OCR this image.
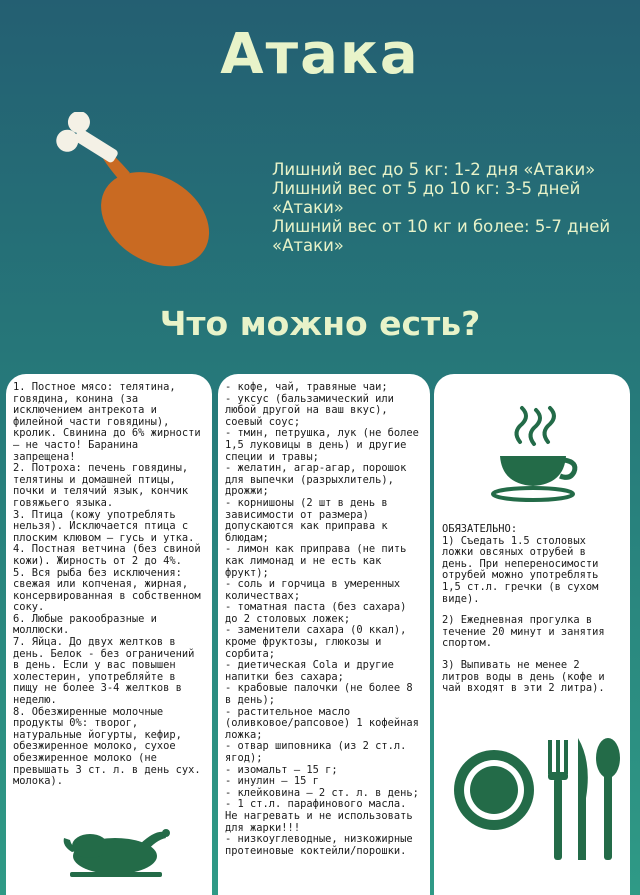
Атака
Лишний вес до 5 кг: 1-2 дня «Атаки»
Лишний вес от 5 до 10 кг: 3-5 дней «Атаки»
Лишний вес от 10 кг и более: 5-7 дней «Атаки»
Что можно есть?

1. Постное мясо: телятина, говядина, конина (за исключением антрекота и филейной части говядины), кролик. Свинина до 6% жирности — не часто! Баранина запрещена!

2. Потроха: печень говядины, телятины и домашней птицы, почки и телячий язык, кончик говяжьего языка.

3. Птица (кожу употреблять нельзя). Исключается птица с плоским клювом — гусь и утка.

4. Постная ветчина (без свиной кожи). Жирность от 2 до 4%.

5. Вся рыба без исключения: свежая или копченая, жирная, консервированная в собственном соку.

6. Любые ракообразные и моллюски.

7. Яйца. До двух желтков в день. Белок - без ограничений в день. Если у вас повышен холестерин, употребляйте в пищу не более 3-4 желтков в неделю.

8. Обезжиренные молочные продукты 0%: творог, натуральные йогурты, кефир, обезжиренное молоко, сухое обезжиренное молоко (не превышать 3 ст. л. в день сух. молока).

- кофе, чай, травяные чаи;

- уксус (бальзамический или любой другой на ваш вкус), соевый соус;

- тмин, петрушка, лук (не более 1,5 луковицы в день) и другие специи и травы;

- желатин, агар-агар, порошок для выпечки (разрыхлитель), дрожжи;

- корнишоны (2 шт в день в зависимости от размера) допускаются как приправа к блюдам;

- лимон как приправа (не пить как лимонад и не есть как фрукт);

- соль и горчица в умеренных количествах;

- томатная паста (без сахара) до 2 столовых ложек;

- заменители сахара (0 ккал), кроме фруктозы, глюкозы и сорбита;

- диетическая Cola и другие напитки без сахара;

- крабовые палочки (не более 8 в день);

- растительное масло (оливковое/рапсовое) 1 кофейная ложка;

- отвар шиповника (из 2 ст.л. ягод);

- изомальт — 15 г;

- инулин — 15 г

- клейковина — 2 ст. л. в день;

- 1 ст.л. парафинового масла. Не нагревать и не использовать для жарки!!!

- низкоуглеводные, низкожирные протеиновые коктейли/порошки.

ОБЯЗАТЕЛЬНО:

1) Съедать 1.5 столовых ложки овсяных отрубей в день. При непереносимости отрубей можно употреблять 1,5 ст.л. гречки (в сухом виде).

2) Ежедневная прогулка в течение 20 минут и занятия спортом.

3) Выпивать не менее 2 литров воды в день (кофе и чай входят в эти 2 литра).
